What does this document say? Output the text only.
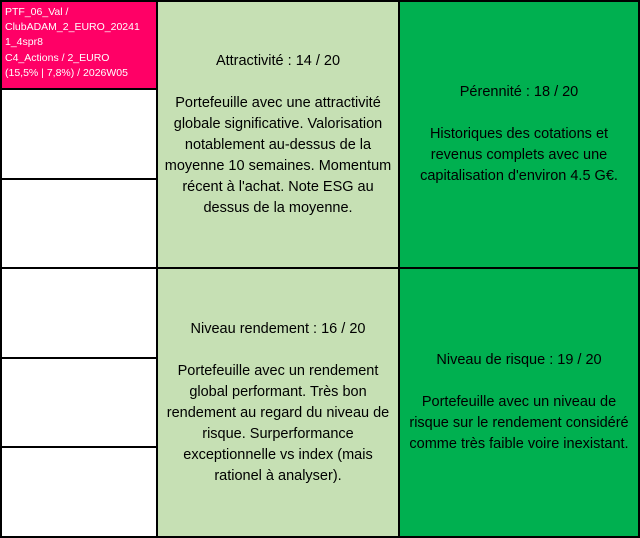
PTF_06_Val /
ClubADAM_2_EURO_20241
1_4spr8
C4_Actions / 2_EURO
(15,5% | 7,8%) / 2026W05
Attractivité : 14 / 20
Portefeuille avec une attractivité globale significative. Valorisation notablement au-dessus de la moyenne 10 semaines. Momentum récent à l'achat. Note ESG au dessus de la moyenne.
Pérennité : 18 / 20
Historiques des cotations et revenus complets avec une capitalisation d'environ 4.5 G€.
Niveau rendement : 16 / 20
Portefeuille avec un rendement global performant. Très bon rendement au regard du niveau de risque. Surperformance exceptionnelle vs index (mais rationel à analyser).
Niveau de risque : 19 / 20
Portefeuille avec un niveau de risque sur le rendement considéré comme très faible voire inexistant.
